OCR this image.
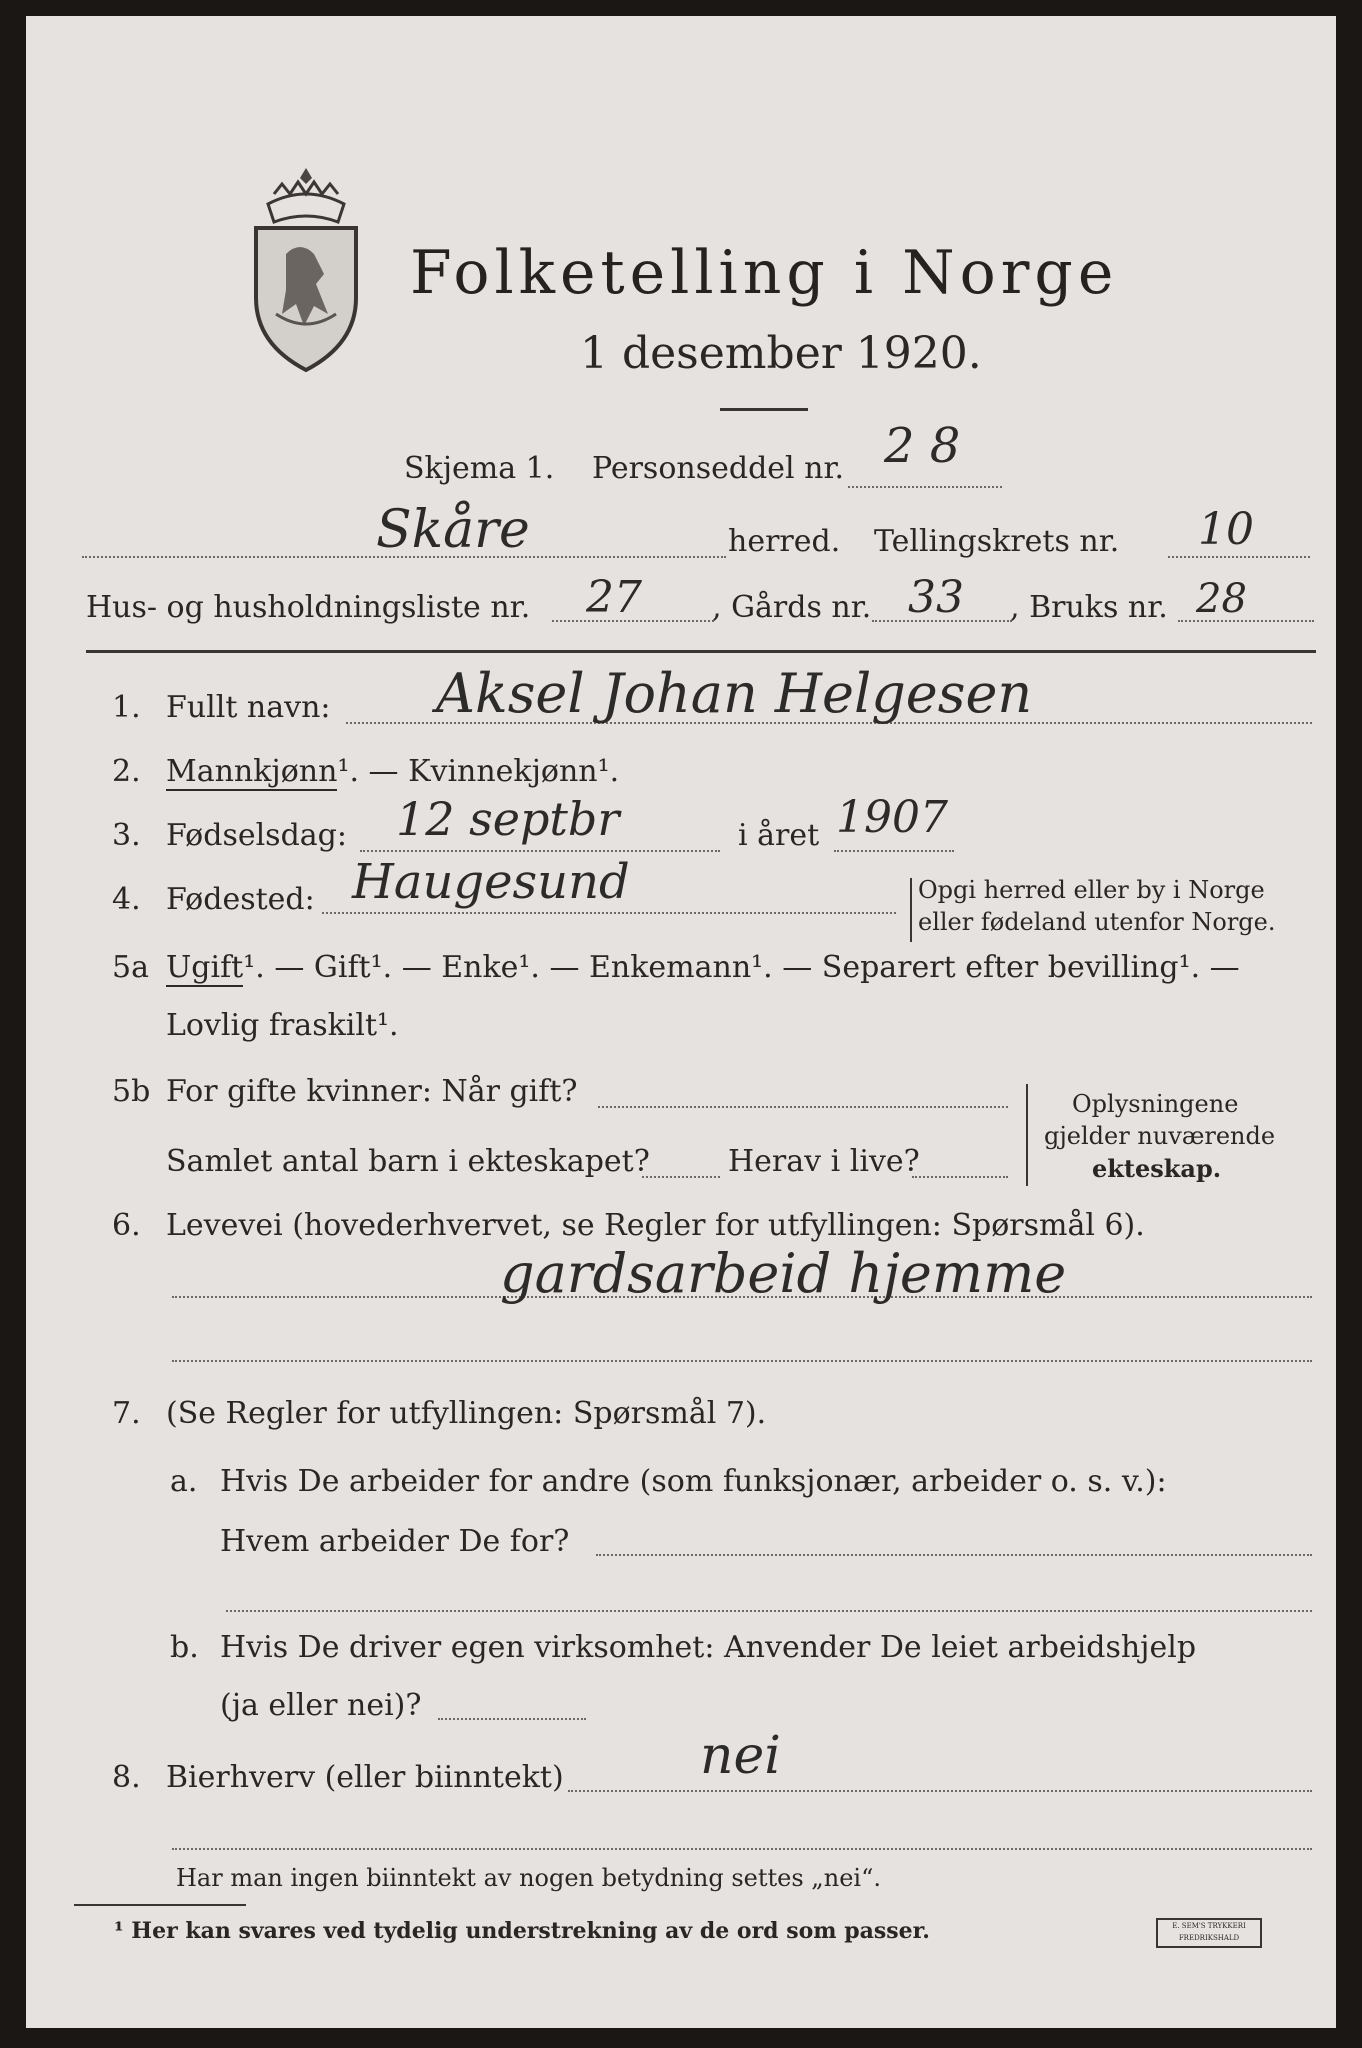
Folketelling i Norge
1 desember 1920.
Skjema 1. Personseddel nr. 2 8
Skåre	herred. Tellingskrets nr. 10
Hus- og husholdningsliste nr. 27 , Gårds nr. 33 , Bruks nr. 28
1. Fullt navn: Aksel Johan Helgesen
2. Mannkjønn¹. — Kvinnekjønn¹.
3. Fødselsdag: 12 septbr	i året 1907
4. Fødested: Haugesund	Opgi herred eller by i Norge
eller fødeland utenfor Norge.
5a Ugift¹. — Gift¹. — Enke¹. — Enkemann¹. — Separert efter bevilling¹. —
Lovlig fraskilt¹.
5b For gifte kvinner: Når gift?
Samlet antal barn i ekteskapet?	Herav i live?
Oplysningene
gjelder nuværende
ekteskap.
6. Levevei (hovederhvervet, se Regler for utfyllingen: Spørsmål 6).
gardsarbeid hjemme
7. (Se Regler for utfyllingen: Spørsmål 7).
a. Hvis De arbeider for andre (som funksjonær, arbeider o. s. v.):
Hvem arbeider De for?
b. Hvis De driver egen virksomhet: Anvender De leiet arbeidshjelp
(ja eller nei)?
8. Bierhverv (eller biinntekt)	nei
Har man ingen biinntekt av nogen betydning settes „nei“.
¹ Her kan svares ved tydelig understrekning av de ord som passer.	E. SEM'S TRYKKERI FREDRIKSHALD
